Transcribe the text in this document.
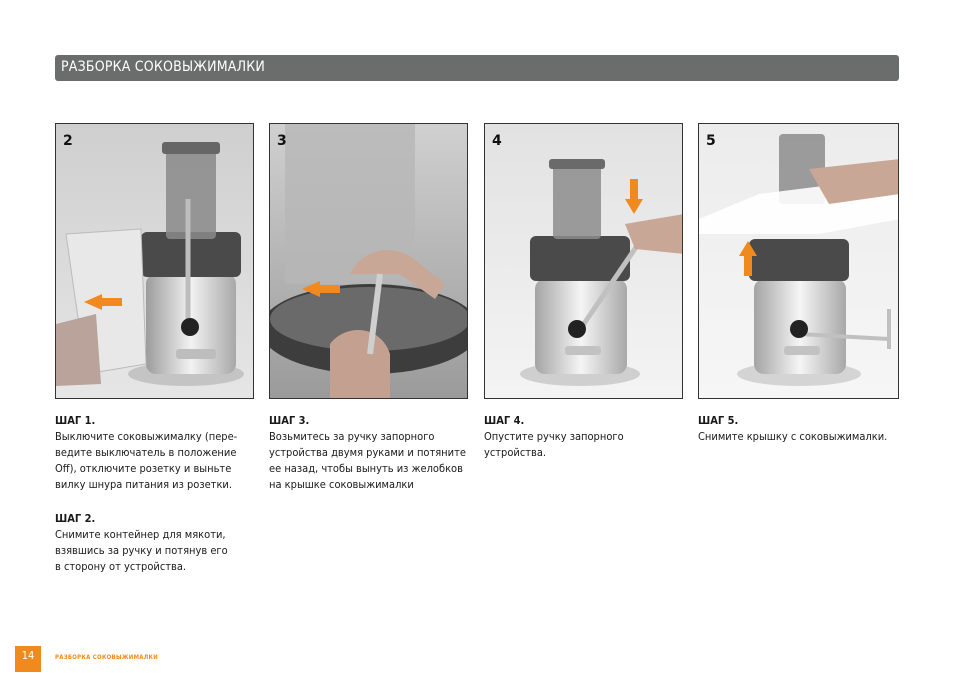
РАЗБОРКА СОКОВЫЖИМАЛКИ
2	3	4	5
ШАГ 1.
Выключите соковыжималку (пере-
ведите выключатель в положение
Off), отключите розетку и выньте
вилку шнура питания из розетки.
ШАГ 2.
Снимите контейнер для мякоти,
взявшись за ручку и потянув его
в сторону от устройства.
ШАГ 3.
Возьмитесь за ручку запорного
устройства двумя руками и потяните
ее назад, чтобы вынуть из желобков
на крышке соковыжималки
ШАГ 4.
Опустите ручку запорного
устройства.
ШАГ 5.
Снимите крышку с соковыжималки.
14	РАЗБОРКА СОКОВЫЖИМАЛКИ
